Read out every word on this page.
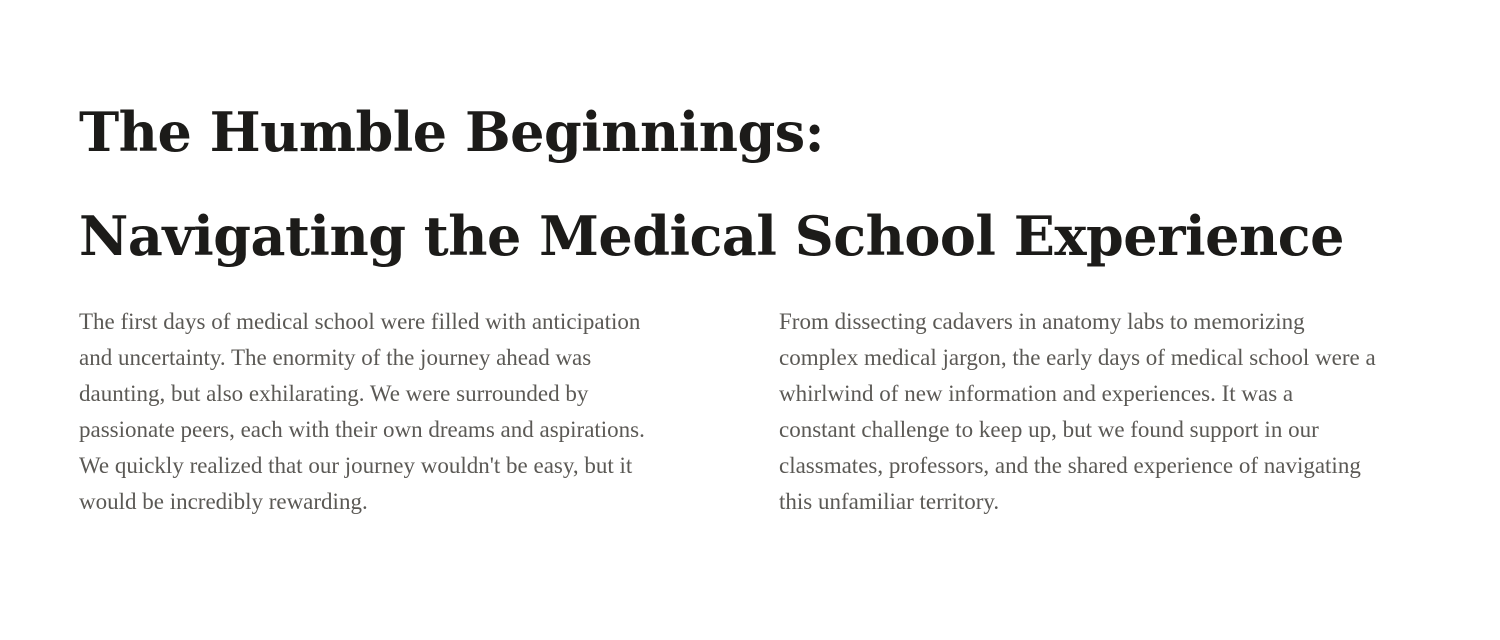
The Humble Beginnings:
Navigating the Medical School Experience

The first days of medical school were filled with anticipation
and uncertainty. The enormity of the journey ahead was
daunting, but also exhilarating. We were surrounded by
passionate peers, each with their own dreams and aspirations.
We quickly realized that our journey wouldn't be easy, but it
would be incredibly rewarding.

From dissecting cadavers in anatomy labs to memorizing
complex medical jargon, the early days of medical school were a
whirlwind of new information and experiences. It was a
constant challenge to keep up, but we found support in our
classmates, professors, and the shared experience of navigating
this unfamiliar territory.
